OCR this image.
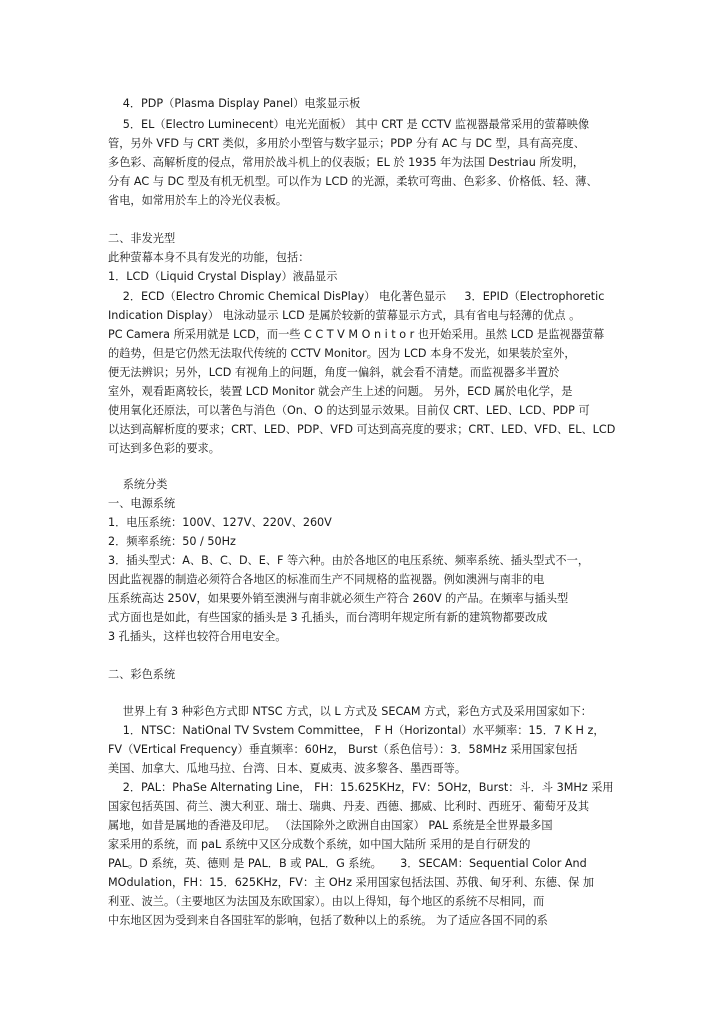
　 4．PDP（Plasma Display Panel）电浆显示板
　 5．EL（Electro Luminecent）电光光面板） 其中 CRT 是 CCTV 监视器最常采用的萤幕映像
管，另外 VFD 与 CRT 类似，多用於小型管与数字显示；PDP 分有 AC 与 DC 型，具有高亮度、
多色彩、高解析度的侵点，常用於战斗机上的仪表版；EL 於 1935 年为法国 Destriau 所发明，
分有 AC 与 DC 型及有机无机型。可以作为 LCD 的光源，柔软可弯曲、色彩多、价格低、轻、薄、
省电，如常用於车上的冷光仪表板。
二、非发光型
此种萤幕本身不具有发光的功能，包括：
1．LCD（Liquid Crystal Display）液晶显示
　 2．ECD（Electro Chromic Chemical DisPlay） 电化著色显示 　 3．EPID（Electrophoretic
Indication Display） 电泳动显示 LCD 是属於较新的萤幕显示方式，具有省电与轻薄的优点 。
PC Camera 所采用就是 LCD，而一些 C C T V M O n i t o r 也开始采用。虽然 LCD 是监视器萤幕
的趋势，但是它仍然无法取代传统的 CCTV Monitor。因为 LCD 本身不发光，如果装於室外，
便无法辨识；另外，LCD 有视角上的问题，角度一偏斜，就会看不清楚。而监视器多半置於
室外，观看距离较长，装置 LCD Monitor 就会产生上述的问题。 另外，ECD 属於电化学，是
使用氧化还原法，可以著色与消色（On、O 的达到显示效果。目前仅 CRT、LED、LCD、PDP 可
以达到高解析度的要求；CRT、LED、PDP、VFD 可达到高亮度的要求；CRT、LED、VFD、EL、LCD
可达到多色彩的要求。
　 系统分类
一、电源系统
1．电压系统：100V、127V、220V、260V
2．频率系统：50 / 50Hz
3．插头型式：A、B、C、D、E、F 等六种。由於各地区的电压系统、频率系统、插头型式不一，
因此监视器的制造必须符合各地区的标准而生产不同规格的监视器。例如澳洲与南非的电
压系统高达 250V，如果要外销至澳洲与南非就必须生产符合 260V 的产品。在频率与插头型
式方面也是如此，有些国家的插头是 3 孔插头，而台湾明年规定所有新的建筑物都要改成
3 孔插头，这样也较符合用电安全。
二、彩色系统
　 世界上有 3 种彩色方式即 NTSC 方式，以 L 方式及 SECAM 方式，彩色方式及采用国家如下：
　 1．NTSC：NatiOnal TV Svstem Committee， F H（Horizontal）水平频率：15．7 K H z，
FV（VErtical Frequency）垂直频率：60Hz， Burst（系色信号）：3．58MHz 采用国家包括
美国、加拿大、瓜地马拉、台湾、日本、夏威夷、波多黎各、墨西哥等。
　 2．PAL：PhaSe Alternating Line， FH：15.625KHz，FV：5OHz，Burst：斗．斗 3MHz 采用
国家包括英国、荷兰、澳大利亚、瑞士、瑞典、丹麦、西德、挪威、比利时、西班牙、葡萄牙及其
属地，如昔是属地的香港及印尼。 （法国除外之欧洲自由国家） PAL 系统是全世界最多国
家采用的系统，而 paL 系统中又区分成数个系统，如中国大陆所 采用的是自行研发的
PAL。D 系统，英、德则 是 PAL．B 或 PAL．G 系统。 　 3．SECAM：Sequential Color And
MOdulation，FH：15．625KHz，FV：主 OHz 采用国家包括法国、苏俄、甸牙利、东德、保 加
利亚、波兰。（主要地区为法国及东欧国家）。由以上得知，每个地区的系统不尽相同，而
中东地区因为受到来自各国驻军的影响，包括了数种以上的系统。 为了适应各国不同的系
